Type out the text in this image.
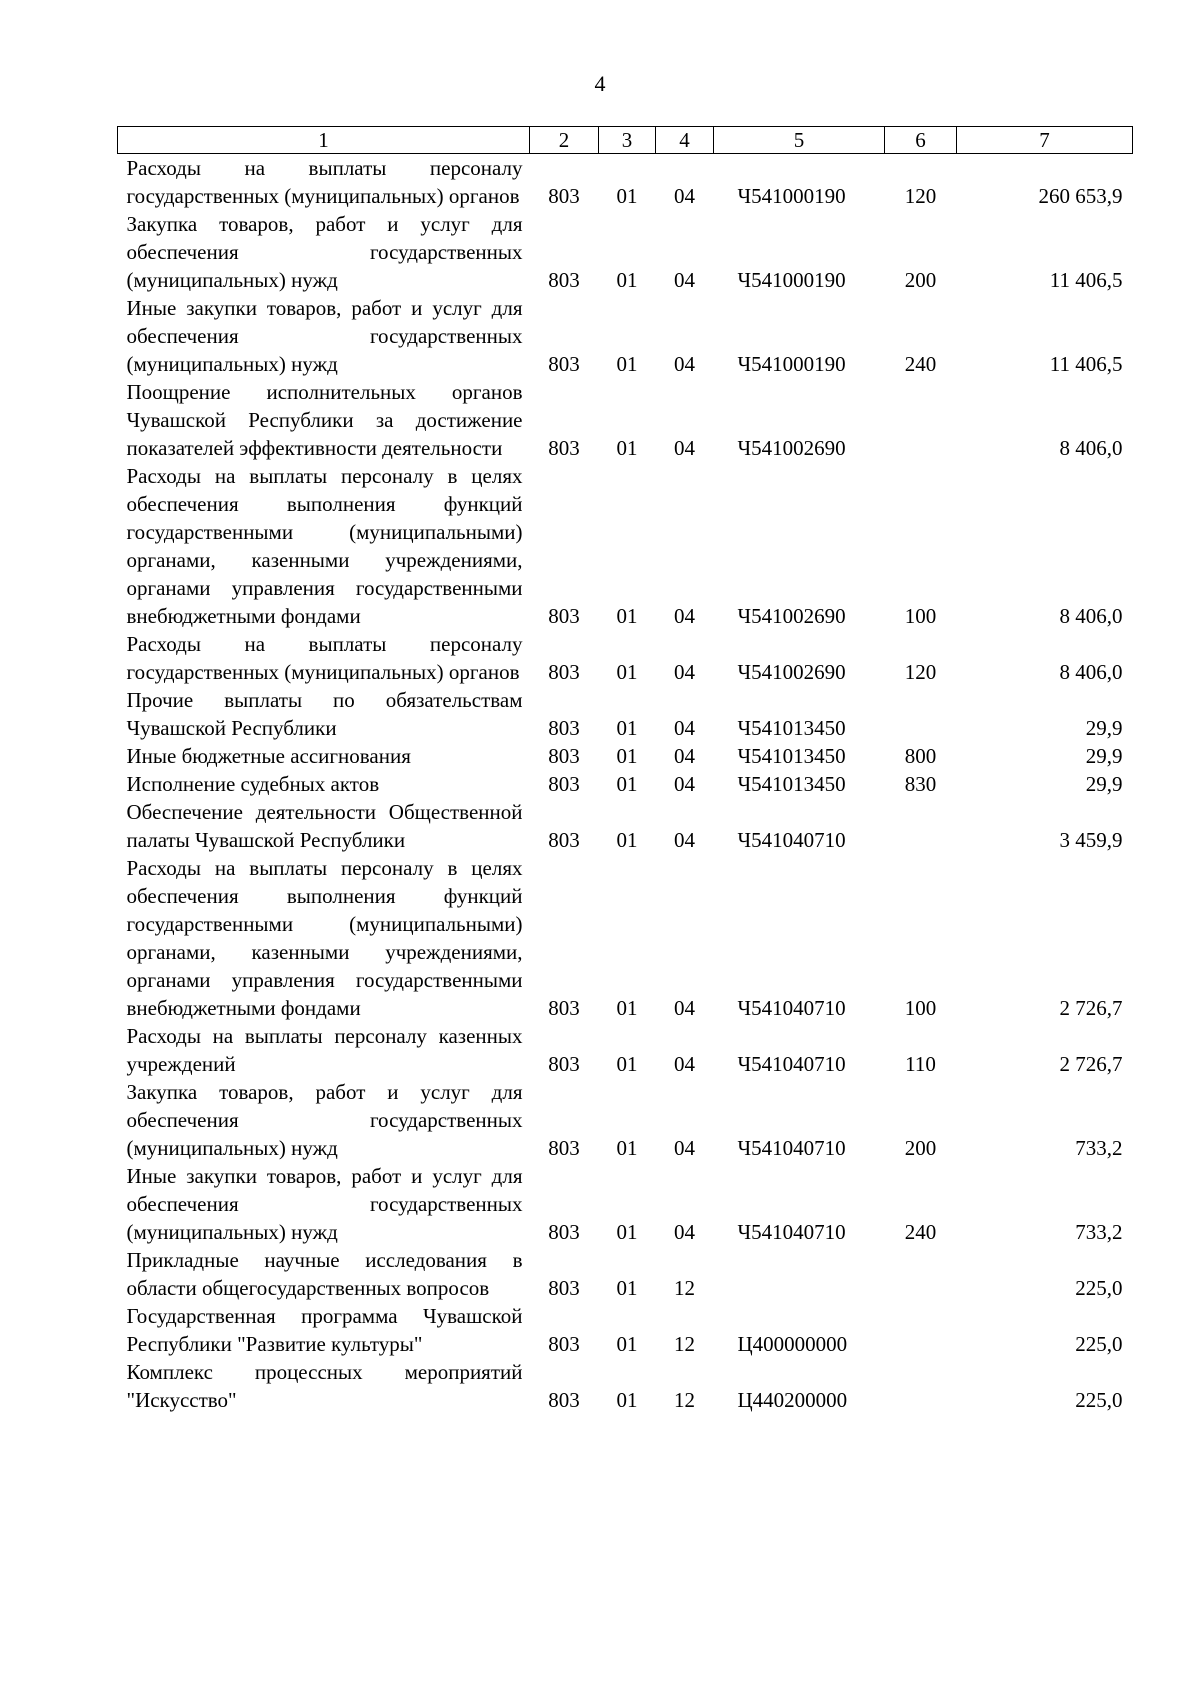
4
1	2	3	4	5	6	7
Расходы на выплаты персоналу государственных (муниципальных) органов	803	01	04	Ч541000190	120	260 653,9
Закупка товаров, работ и услуг для обеспечения государственных (муниципальных) нужд	803	01	04	Ч541000190	200	11 406,5
Иные закупки товаров, работ и услуг для обеспечения государственных (муниципальных) нужд	803	01	04	Ч541000190	240	11 406,5
Поощрение исполнительных органов Чувашской Республики за достижение показателей эффективности деятельности	803	01	04	Ч541002690		8 406,0
Расходы на выплаты персоналу в целях обеспечения выполнения функций государственными (муниципальными) органами, казенными учреждениями, органами управления государственными внебюджетными фондами	803	01	04	Ч541002690	100	8 406,0
Расходы на выплаты персоналу государственных (муниципальных) органов	803	01	04	Ч541002690	120	8 406,0
Прочие выплаты по обязательствам Чувашской Республики	803	01	04	Ч541013450		29,9
Иные бюджетные ассигнования	803	01	04	Ч541013450	800	29,9
Исполнение судебных актов	803	01	04	Ч541013450	830	29,9
Обеспечение деятельности Общественной палаты Чувашской Республики	803	01	04	Ч541040710		3 459,9
Расходы на выплаты персоналу в целях обеспечения выполнения функций государственными (муниципальными) органами, казенными учреждениями, органами управления государственными внебюджетными фондами	803	01	04	Ч541040710	100	2 726,7
Расходы на выплаты персоналу казенных учреждений	803	01	04	Ч541040710	110	2 726,7
Закупка товаров, работ и услуг для обеспечения государственных (муниципальных) нужд	803	01	04	Ч541040710	200	733,2
Иные закупки товаров, работ и услуг для обеспечения государственных (муниципальных) нужд	803	01	04	Ч541040710	240	733,2
Прикладные научные исследования в области общегосударственных вопросов	803	01	12			225,0
Государственная программа Чувашской Республики "Развитие культуры"	803	01	12	Ц400000000		225,0
Комплекс процессных мероприятий "Искусство"	803	01	12	Ц440200000		225,0
